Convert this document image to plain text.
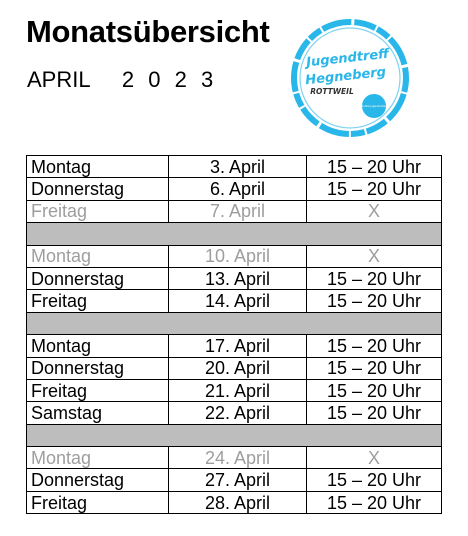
Monatsübersicht
APRIL 2 0 2 3
Jugendtreff
Hegneberg
ROTTWEIL
Mobile Jugendarbeit
Montag	3. April	15 – 20 Uhr
Donnerstag	6. April	15 – 20 Uhr
Freitag	7. April	X

Montag	10. April	X
Donnerstag	13. April	15 – 20 Uhr
Freitag	14. April	15 – 20 Uhr

Montag	17. April	15 – 20 Uhr
Donnerstag	20. April	15 – 20 Uhr
Freitag	21. April	15 – 20 Uhr
Samstag	22. April	15 – 20 Uhr

Montag	24. April	X
Donnerstag	27. April	15 – 20 Uhr
Freitag	28. April	15 – 20 Uhr
